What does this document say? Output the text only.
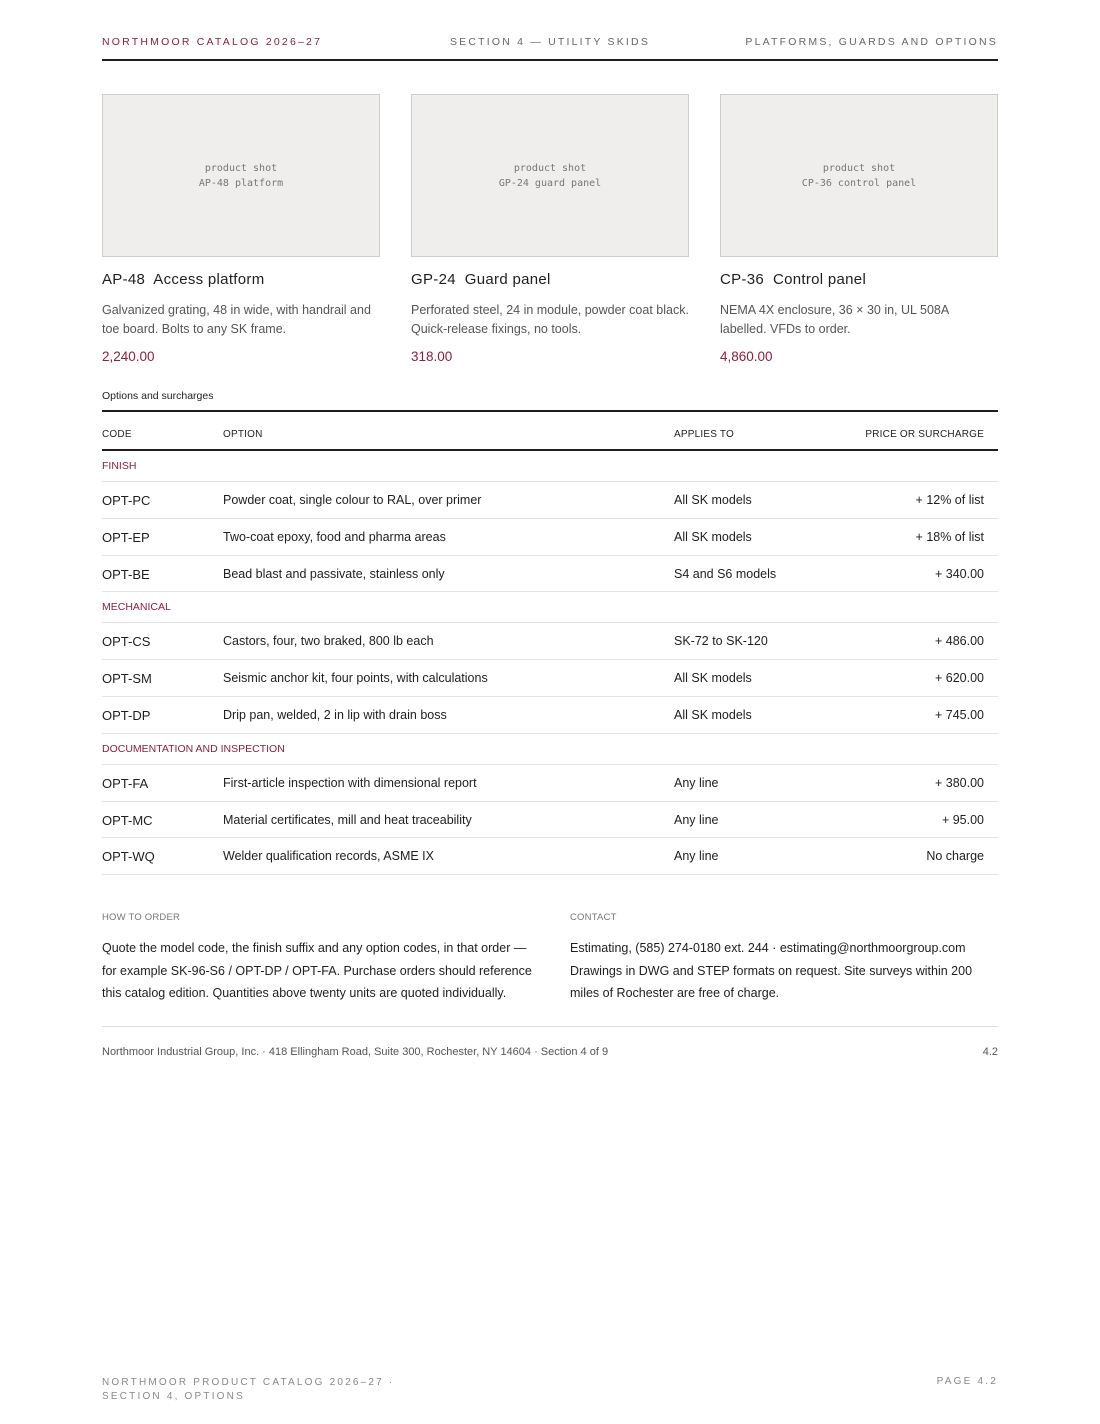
NORTHMOOR CATALOG 2026–27	SECTION 4 — UTILITY SKIDS	PLATFORMS, GUARDS AND OPTIONS
product shot
AP-48 platform
AP-48  Access platform
Galvanized grating, 48 in wide, with handrail and toe board. Bolts to any SK frame.
2,240.00
product shot
GP-24 guard panel
GP-24  Guard panel
Perforated steel, 24 in module, powder coat black. Quick-release fixings, no tools.
318.00
product shot
CP-36 control panel
CP-36  Control panel
NEMA 4X enclosure, 36 × 30 in, UL 508A labelled. VFDs to order.
4,860.00
Options and surcharges
CODE	OPTION	APPLIES TO	PRICE OR SURCHARGE
FINISH
OPT-PC	Powder coat, single colour to RAL, over primer	All SK models	+ 12% of list
OPT-EP	Two-coat epoxy, food and pharma areas	All SK models	+ 18% of list
OPT-BE	Bead blast and passivate, stainless only	S4 and S6 models	+ 340.00
MECHANICAL
OPT-CS	Castors, four, two braked, 800 lb each	SK-72 to SK-120	+ 486.00
OPT-SM	Seismic anchor kit, four points, with calculations	All SK models	+ 620.00
OPT-DP	Drip pan, welded, 2 in lip with drain boss	All SK models	+ 745.00
DOCUMENTATION AND INSPECTION
OPT-FA	First-article inspection with dimensional report	Any line	+ 380.00
OPT-MC	Material certificates, mill and heat traceability	Any line	+ 95.00
OPT-WQ	Welder qualification records, ASME IX	Any line	No charge
HOW TO ORDER
Quote the model code, the finish suffix and any option codes, in that order — for example SK-96-S6 / OPT-DP / OPT-FA. Purchase orders should reference this catalog edition. Quantities above twenty units are quoted individually.
CONTACT
Estimating, (585) 274-0180 ext. 244 · estimating@northmoorgroup.com Drawings in DWG and STEP formats on request. Site surveys within 200 miles of Rochester are free of charge.
Northmoor Industrial Group, Inc. · 418 Ellingham Road, Suite 300, Rochester, NY 14604 · Section 4 of 9	4.2
NORTHMOOR PRODUCT CATALOG 2026–27 · SECTION 4, OPTIONS
PAGE 4.2
